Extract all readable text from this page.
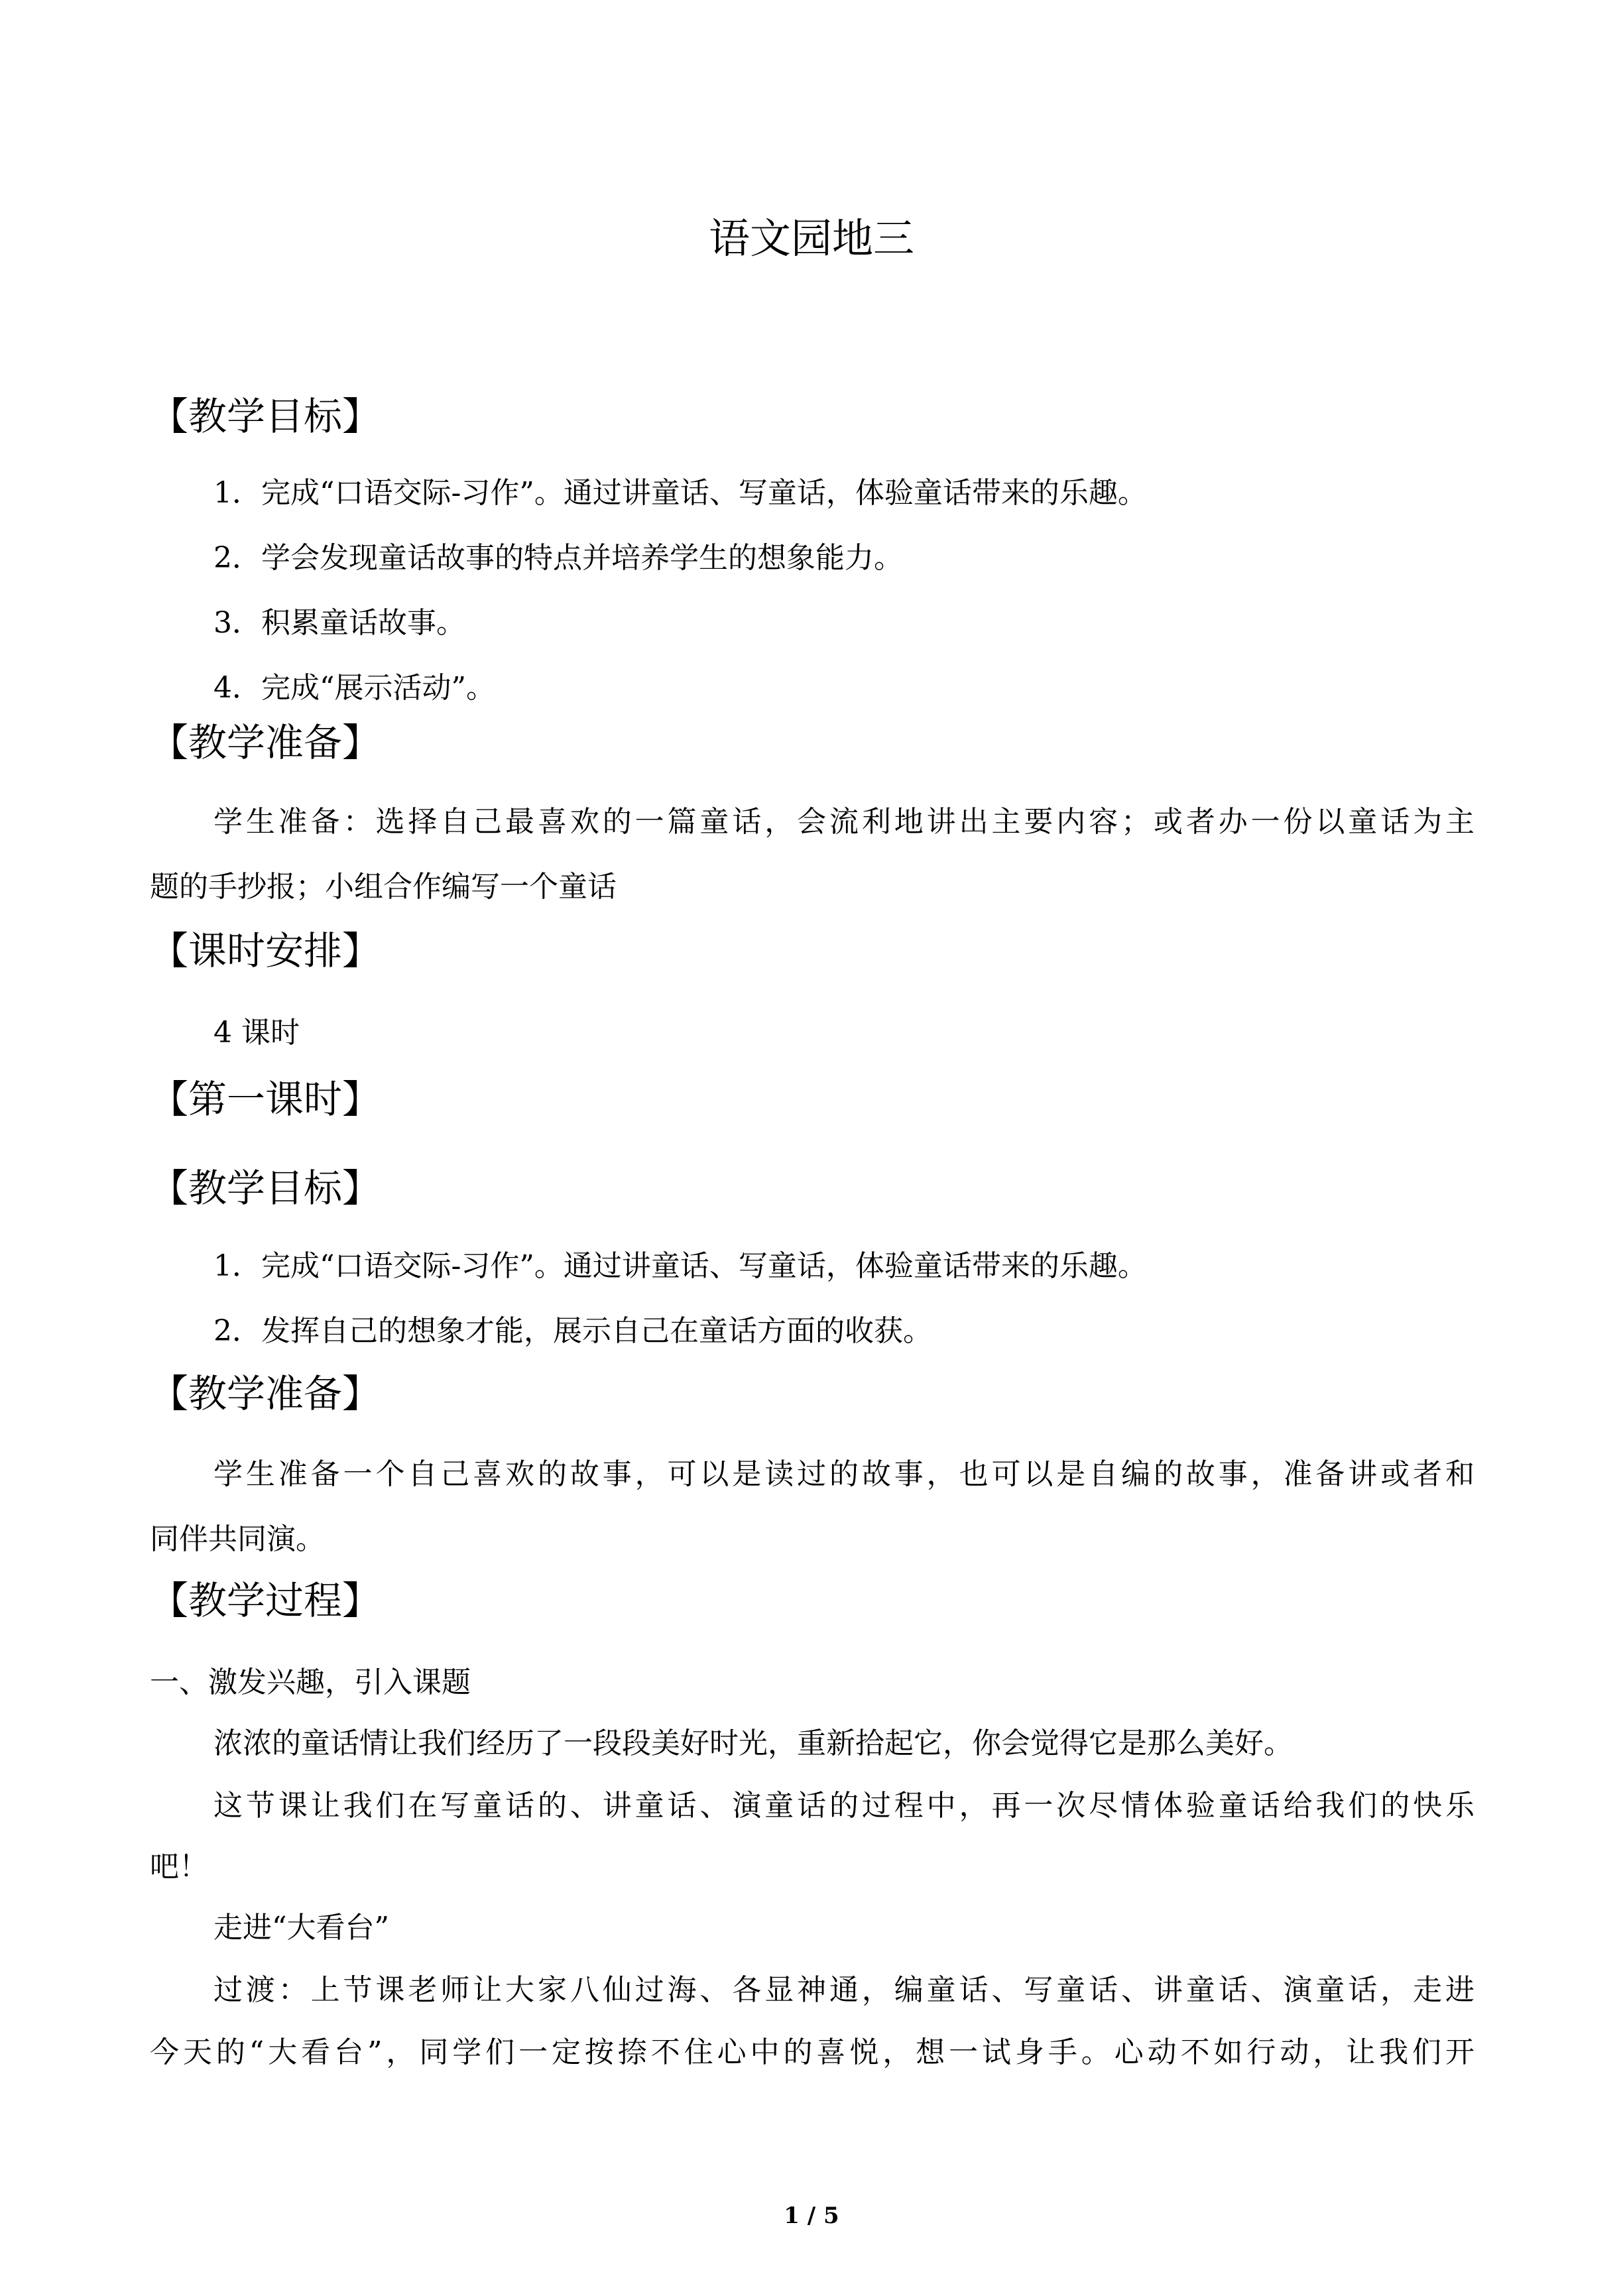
语文园地三
【教学目标】
1．完成“口语交际-习作”。通过讲童话、写童话，体验童话带来的乐趣。
2．学会发现童话故事的特点并培养学生的想象能力。
3．积累童话故事。
4．完成“展示活动”。
【教学准备】
学生准备：选择自己最喜欢的一篇童话，会流利地讲出主要内容；或者办一份以童话为主
题的手抄报；小组合作编写一个童话
【课时安排】
4 课时
【第一课时】
【教学目标】
1．完成“口语交际-习作”。通过讲童话、写童话，体验童话带来的乐趣。
2．发挥自己的想象才能，展示自己在童话方面的收获。
【教学准备】
学生准备一个自己喜欢的故事，可以是读过的故事，也可以是自编的故事，准备讲或者和
同伴共同演。
【教学过程】
一、激发兴趣，引入课题
浓浓的童话情让我们经历了一段段美好时光，重新拾起它，你会觉得它是那么美好。
这节课让我们在写童话的、讲童话、演童话的过程中，再一次尽情体验童话给我们的快乐
吧！
走进“大看台”
过渡：上节课老师让大家八仙过海、各显神通，编童话、写童话、讲童话、演童话，走进
今天的“大看台”，同学们一定按捺不住心中的喜悦，想一试身手。心动不如行动，让我们开
1 / 5
